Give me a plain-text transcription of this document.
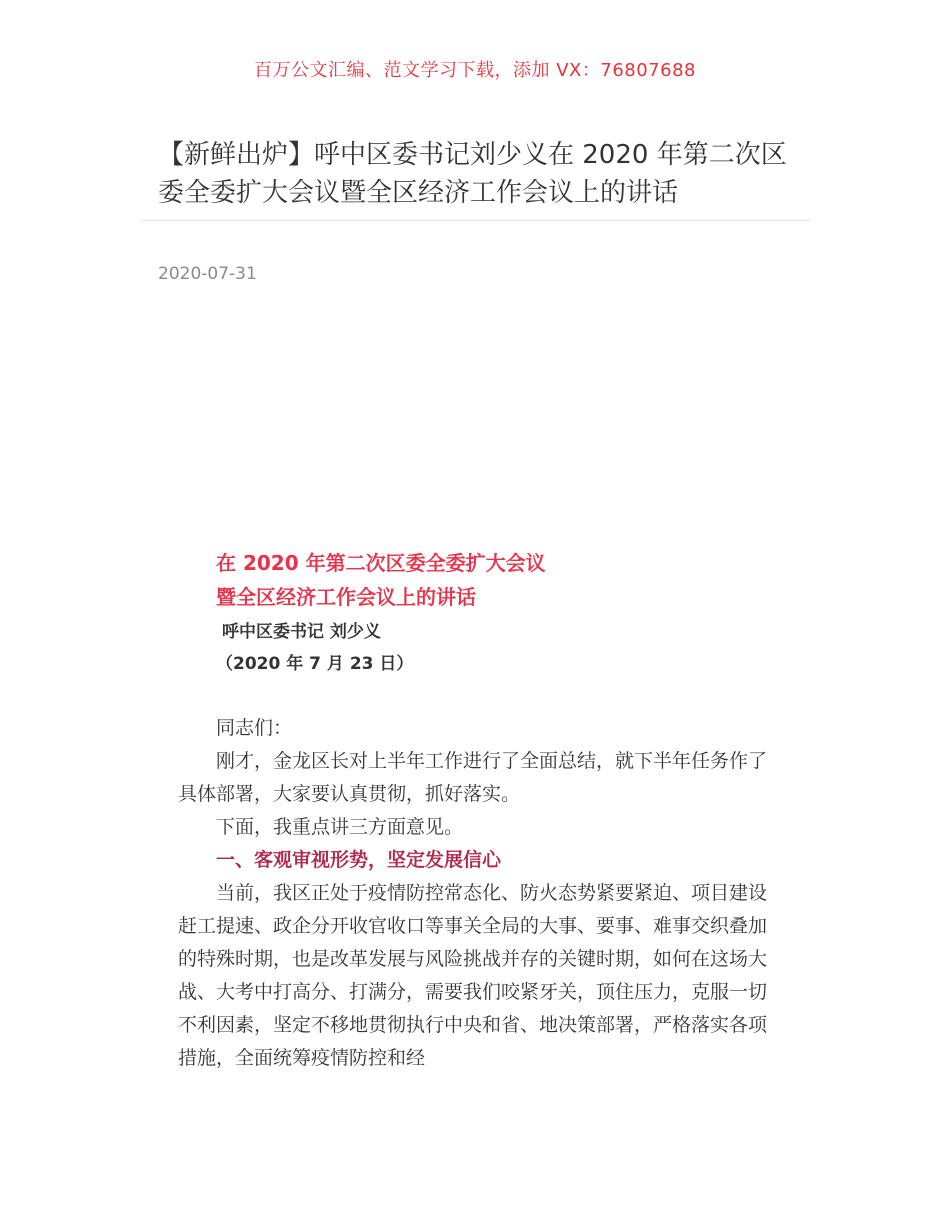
百万公文汇编、范文学习下载，添加 VX：76807688
【新鲜出炉】呼中区委书记刘少义在 2020 年第二次区委全委扩大会议暨全区经济工作会议上的讲话
2020-07-31
在 2020 年第二次区委全委扩大会议
暨全区经济工作会议上的讲话
呼中区委书记 刘少义
（2020 年 7 月 23 日）

同志们：

刚才，金龙区长对上半年工作进行了全面总结，就下半年任务作了具体部署，大家要认真贯彻，抓好落实。

下面，我重点讲三方面意见。

一、客观审视形势，坚定发展信心

当前，我区正处于疫情防控常态化、防火态势紧要紧迫、项目建设赶工提速、政企分开收官收口等事关全局的大事、要事、难事交织叠加的特殊时期，也是改革发展与风险挑战并存的关键时期，如何在这场大战、大考中打高分、打满分，需要我们咬紧牙关，顶住压力，克服一切不利因素，坚定不移地贯彻执行中央和省、地决策部署，严格落实各项措施，全面统筹疫情防控和经
